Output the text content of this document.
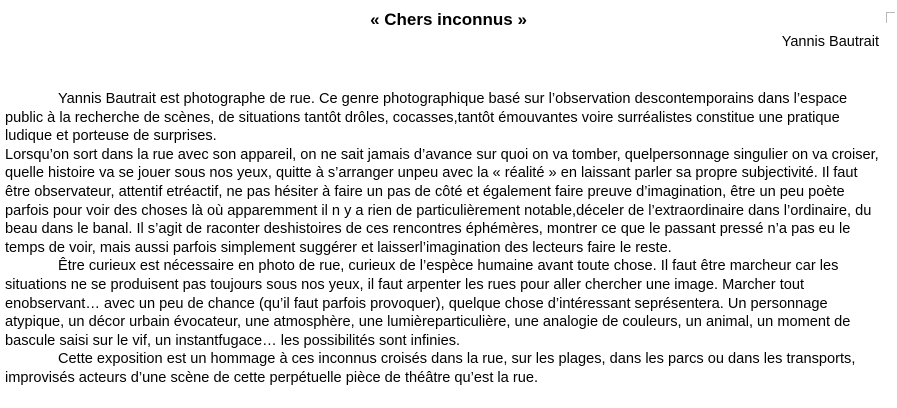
« Chers inconnus »
Yannis Bautrait

Yannis Bautrait est photographe de rue. Ce genre photographique basé sur l’observation descontemporains dans l’espace public à la recherche de scènes, de situations tantôt drôles, cocasses,tantôt émouvantes voire surréalistes constitue une pratique ludique et porteuse de surprises.

Lorsqu’on sort dans la rue avec son appareil, on ne sait jamais d’avance sur quoi on va tomber, quelpersonnage singulier on va croiser, quelle histoire va se jouer sous nos yeux, quitte à s’arranger unpeu avec la « réalité » en laissant parler sa propre subjectivité. Il faut être observateur, attentif etréactif, ne pas hésiter à faire un pas de côté et également faire preuve d’imagination, être un peu poète parfois pour voir des choses là où apparemment il n y a rien de particulièrement notable,déceler de l’extraordinaire dans l’ordinaire, du beau dans le banal. Il s’agit de raconter deshistoires de ces rencontres éphémères, montrer ce que le passant pressé n’a pas eu le temps de voir, mais aussi parfois simplement suggérer et laisserl’imagination des lecteurs faire le reste.

Être curieux est nécessaire en photo de rue, curieux de l’espèce humaine avant toute chose. Il faut être marcheur car les situations ne se produisent pas toujours sous nos yeux, il faut arpenter les rues pour aller chercher une image. Marcher tout enobservant… avec un peu de chance (qu’il faut parfois provoquer), quelque chose d’intéressant seprésentera. Un personnage atypique, un décor urbain évocateur, une atmosphère, une lumièreparticulière, une analogie de couleurs, un animal, un moment de bascule saisi sur le vif, un instantfugace… les possibilités sont infinies.

Cette exposition est un hommage à ces inconnus croisés dans la rue, sur les plages, dans les parcs ou dans les transports, improvisés acteurs d’une scène de cette perpétuelle pièce de théâtre qu’est la rue.
